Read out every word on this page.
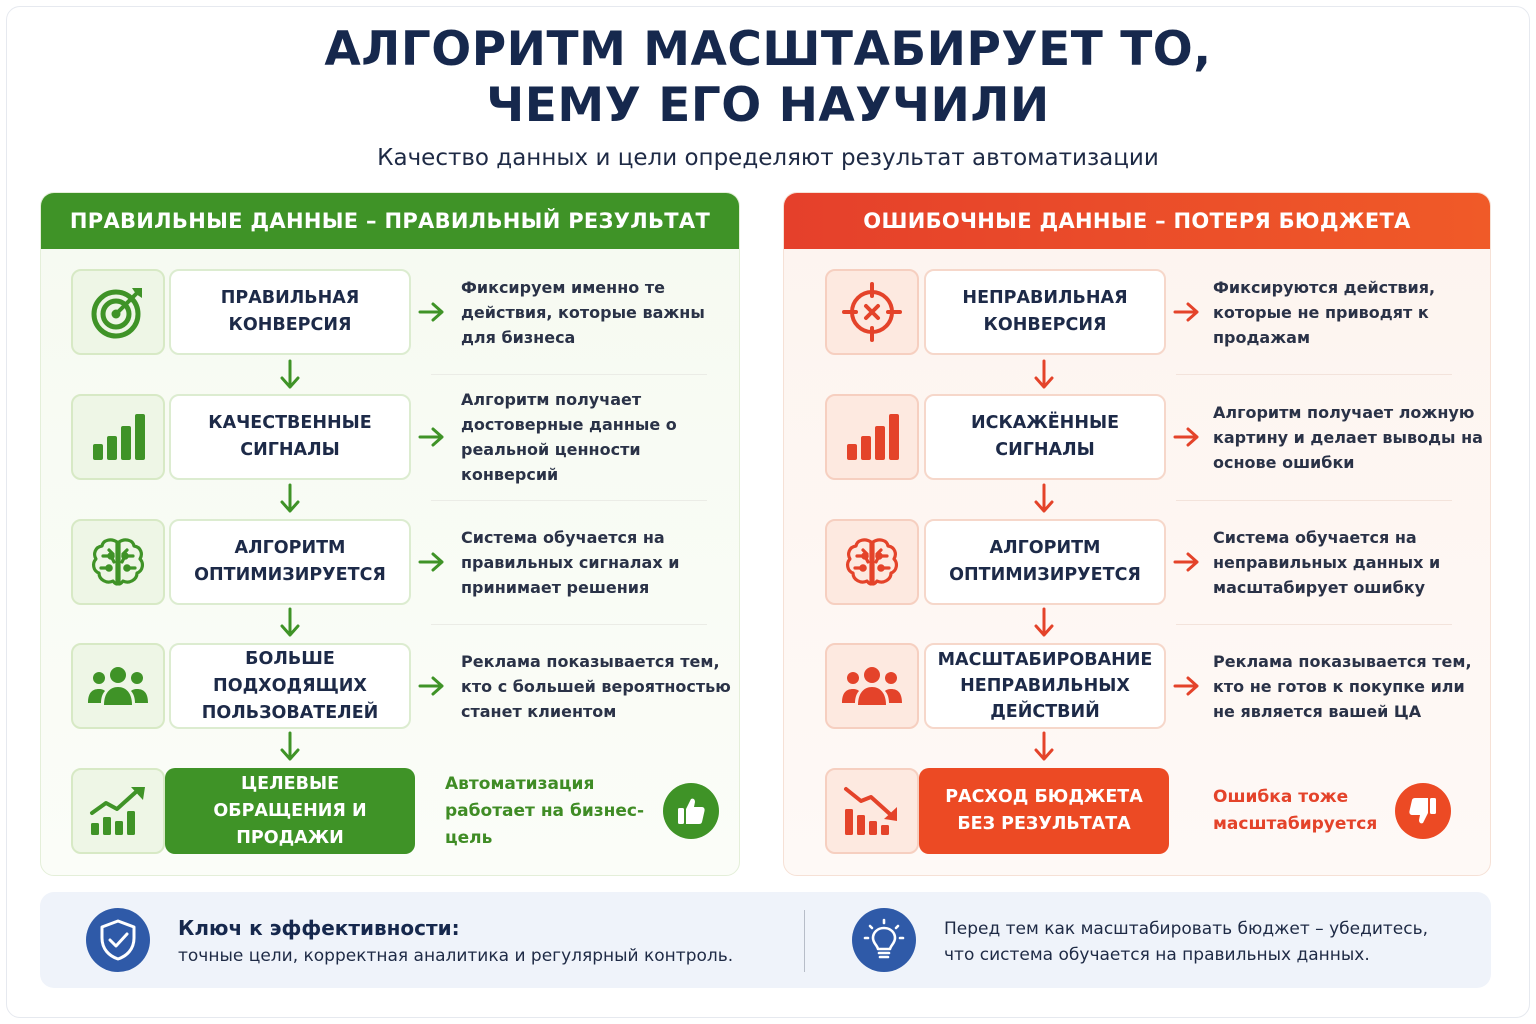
АЛГОРИТМ МАСШТАБИРУЕТ ТО,
ЧЕМУ ЕГО НАУЧИЛИ
Качество данных и цели определяют результат автоматизации
ПРАВИЛЬНЫЕ ДАННЫЕ – ПРАВИЛЬНЫЙ РЕЗУЛЬТАТ
ПРАВИЛЬНАЯ КОНВЕРСИЯ
Фиксируем именно те действия, которые важны для бизнеса
КАЧЕСТВЕННЫЕ СИГНАЛЫ
Алгоритм получает достоверные данные о реальной ценности конверсий
АЛГОРИТМ ОПТИМИЗИРУЕТСЯ
Система обучается на правильных сигналах и принимает решения
БОЛЬШЕ ПОДХОДЯЩИХ ПОЛЬЗОВАТЕЛЕЙ
Реклама показывается тем, кто с большей вероятностью станет клиентом
ЦЕЛЕВЫЕ ОБРАЩЕНИЯ И ПРОДАЖИ
Автоматизация работает на бизнес-цель
ОШИБОЧНЫЕ ДАННЫЕ – ПОТЕРЯ БЮДЖЕТА
НЕПРАВИЛЬНАЯ КОНВЕРСИЯ
Фиксируются действия, которые не приводят к продажам
ИСКАЖЁННЫЕ СИГНАЛЫ
Алгоритм получает ложную картину и делает выводы на основе ошибки
АЛГОРИТМ ОПТИМИЗИРУЕТСЯ
Система обучается на неправильных данных и масштабирует ошибку
МАСШТАБИРОВАНИЕ НЕПРАВИЛЬНЫХ ДЕЙСТВИЙ
Реклама показывается тем, кто не готов к покупке или не является вашей ЦА
РАСХОД БЮДЖЕТА БЕЗ РЕЗУЛЬТАТА
Ошибка тоже масштабируется
Ключ к эффективности:
точные цели, корректная аналитика и регулярный контроль.
Перед тем как масштабировать бюджет – убедитесь,
что система обучается на правильных данных.
